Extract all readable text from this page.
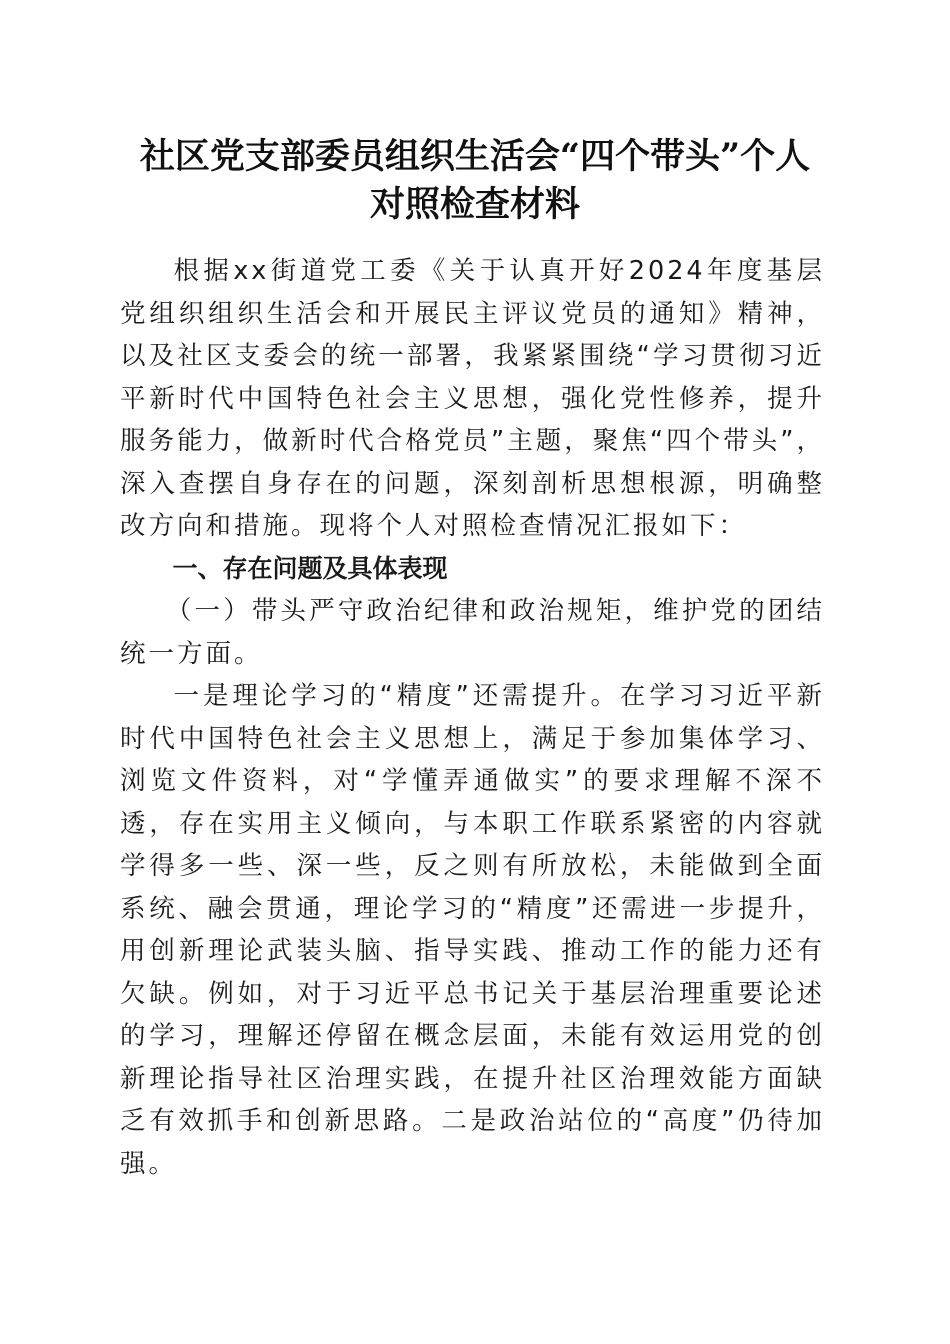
社区党支部委员组织生活会“四个带头”个人
对照检查材料

根据xx街道党工委《关于认真开好2024年度基层党组织组织生活会和开展民主评议党员的通知》精神，以及社区支委会的统一部署，我紧紧围绕“学习贯彻习近平新时代中国特色社会主义思想，强化党性修养，提升服务能力，做新时代合格党员”主题，聚焦“四个带头”，深入查摆自身存在的问题，深刻剖析思想根源，明确整改方向和措施。现将个人对照检查情况汇报如下：

一、存在问题及具体表现

（一）带头严守政治纪律和政治规矩，维护党的团结统一方面。

一是理论学习的“精度”还需提升。在学习习近平新时代中国特色社会主义思想上，满足于参加集体学习、浏览文件资料，对“学懂弄通做实”的要求理解不深不透，存在实用主义倾向，与本职工作联系紧密的内容就学得多一些、深一些，反之则有所放松，未能做到全面系统、融会贯通，理论学习的“精度”还需进一步提升，用创新理论武装头脑、指导实践、推动工作的能力还有欠缺。例如，对于习近平总书记关于基层治理重要论述的学习，理解还停留在概念层面，未能有效运用党的创新理论指导社区治理实践，在提升社区治理效能方面缺乏有效抓手和创新思路。二是政治站位的“高度”仍待加强。
